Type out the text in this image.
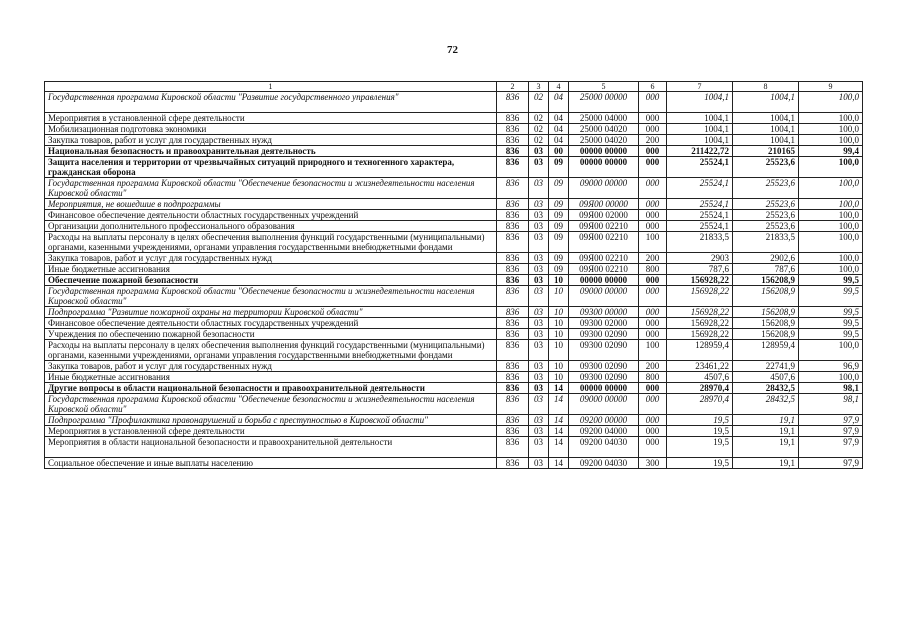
72
1	2	3	4	5	6	7	8	9
Государственная программа Кировской области "Развитие государственного управления"	836	02	04	25000 00000	000	1004,1	1004,1	100,0
Мероприятия в установленной сфере деятельности	836	02	04	25000 04000	000	1004,1	1004,1	100,0
Мобилизационная подготовка экономики	836	02	04	25000 04020	000	1004,1	1004,1	100,0
Закупка товаров, работ и услуг для государственных нужд	836	02	04	25000 04020	200	1004,1	1004,1	100,0
Национальная безопасность и правоохранительная деятельность	836	03	00	00000 00000	000	211422,72	210165	99,4
Защита населения и территории от чрезвычайных ситуаций природного и техногенного характера, гражданская оборона	836	03	09	00000 00000	000	25524,1	25523,6	100,0
Государственная программа Кировской области "Обеспечение безопасности и жизнедеятельности населения Кировской области"	836	03	09	09000 00000	000	25524,1	25523,6	100,0
Мероприятия, не вошедшие в подпрограммы	836	03	09	09Я00 00000	000	25524,1	25523,6	100,0
Финансовое обеспечение деятельности областных государственных учреждений	836	03	09	09Я00 02000	000	25524,1	25523,6	100,0
Организации дополнительного профессионального образования	836	03	09	09Я00 02210	000	25524,1	25523,6	100,0
Расходы на выплаты персоналу в целях обеспечения выполнения функций государственными (муниципальными) органами, казенными учреждениями, органами управления государственными внебюджетными фондами	836	03	09	09Я00 02210	100	21833,5	21833,5	100,0
Закупка товаров, работ и услуг для государственных нужд	836	03	09	09Я00 02210	200	2903	2902,6	100,0
Иные бюджетные ассигнования	836	03	09	09Я00 02210	800	787,6	787,6	100,0
Обеспечение пожарной безопасности	836	03	10	00000 00000	000	156928,22	156208,9	99,5
Государственная программа Кировской области "Обеспечение безопасности и жизнедеятельности населения Кировской области"	836	03	10	09000 00000	000	156928,22	156208,9	99,5
Подпрограмма "Развитие пожарной охраны на территории Кировской области"	836	03	10	09300 00000	000	156928,22	156208,9	99,5
Финансовое обеспечение деятельности областных государственных учреждений	836	03	10	09300 02000	000	156928,22	156208,9	99,5
Учреждения по обеспечению пожарной безопасности	836	03	10	09300 02090	000	156928,22	156208,9	99,5
Расходы на выплаты персоналу в целях обеспечения выполнения функций государственными (муниципальными) органами, казенными учреждениями, органами управления государственными внебюджетными фондами	836	03	10	09300 02090	100	128959,4	128959,4	100,0
Закупка товаров, работ и услуг для государственных нужд	836	03	10	09300 02090	200	23461,22	22741,9	96,9
Иные бюджетные ассигнования	836	03	10	09300 02090	800	4507,6	4507,6	100,0
Другие вопросы в области национальной безопасности и правоохранительной деятельности	836	03	14	00000 00000	000	28970,4	28432,5	98,1
Государственная программа Кировской области "Обеспечение безопасности и жизнедеятельности населения Кировской области"	836	03	14	09000 00000	000	28970,4	28432,5	98,1
Подпрограмма "Профилактика правонарушений и борьба с преступностью в Кировской области"	836	03	14	09200 00000	000	19,5	19,1	97,9
Мероприятия в установленной сфере деятельности	836	03	14	09200 04000	000	19,5	19,1	97,9
Мероприятия в области национальной безопасности и правоохранительной деятельности	836	03	14	09200 04030	000	19,5	19,1	97,9
Социальное обеспечение и иные выплаты населению	836	03	14	09200 04030	300	19,5	19,1	97,9
